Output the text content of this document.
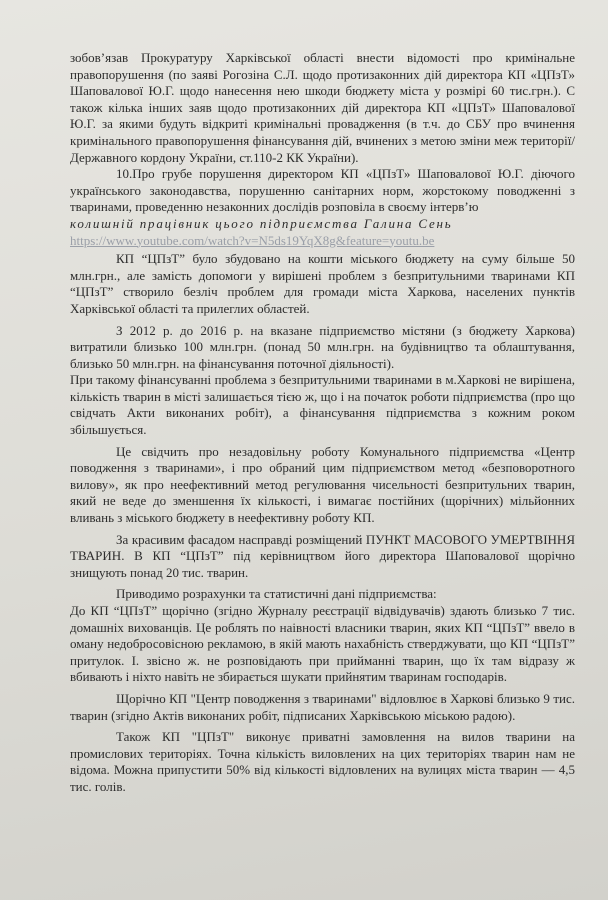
зобов’язав Прокуратуру Харківської області внести відомості про кримінальне правопорушення (по заяві Рогозіна С.Л. щодо протизаконних дій директора КП «ЦПзТ» Шаповалової Ю.Г. щодо нанесення нею шкоди бюджету міста у розмірі 60 тис.грн.). С також кілька інших заяв щодо протизаконних дій директора КП «ЦПзТ» Шаповалової Ю.Г. за якими будуть відкриті кримінальні провадження (в т.ч. до СБУ про вчинення кримінального правопорушення фінансування дій, вчинених з метою зміни меж території/Державного кордону України, ст.110-2 КК України).

10.Про грубе порушення директором КП «ЦПзТ» Шаповалової Ю.Г. діючого українського законодавства, порушенню санітарних норм, жорстокому поводженні з тваринами, проведенню незаконних дослідів розповіла в своєму інтерв’ю

колишній працівник цього підприємства Галина Сень

https://www.youtube.com/watch?v=N5ds19YqX8g&feature=youtu.be

КП “ЦПзТ” було збудовано на кошти міського бюджету на суму більше 50 млн.грн., але замість допомоги у вирішені проблем з безпритульними тваринами КП “ЦПзТ” створило безліч проблем для громади міста Харкова, населених пунктів Харківської області та прилеглих областей.

З 2012 р. до 2016 р. на вказане підприємство містяни (з бюджету Харкова) витратили близько 100 млн.грн. (понад 50 млн.грн. на будівництво та облаштування, близько 50 млн.грн. на фінансування поточної діяльності).

При такому фінансуванні проблема з безпритульними тваринами в м.Харкові не вирішена, кількість тварин в місті залишається тією ж, що і на початок роботи підприємства (про що свідчать Акти виконаних робіт), а фінансування підприємства з кожним роком збільшується.

Це свідчить про незадовільну роботу Комунального підприємства «Центр поводження з тваринами», і про обраний цим підприємством метод «безповоротного вилову», як про неефективний метод регулювання чисельності безпритульних тварин, який не веде до зменшення їх кількості, і вимагає постійних (щорічних) мільйонних вливань з міського бюджету в неефективну роботу КП.

За красивим фасадом насправді розміщений ПУНКТ МАСОВОГО УМЕРТВІННЯ ТВАРИН. В КП “ЦПзТ” під керівництвом його директора Шаповалової щорічно знищують понад 20 тис. тварин.

Приводимо розрахунки та статистичні дані підприємства:

До КП “ЦПзТ” щорічно (згідно Журналу реєстрації відвідувачів) здають близько 7 тис. домашніх вихованців. Це роблять по наівності власники тварин, яких КП “ЦПзТ” ввело в оману недобросовісною рекламою, в якій мають нахабність стверджувати, що КП “ЦПзТ” притулок. І. звісно ж. не розповідають при прийманні тварин, що їх там відразу ж вбивають і ніхто навіть не збирається шукати прийнятим тваринам господарів.

Щорічно КП "Центр поводження з тваринами" відловлює в Харкові близько 9 тис. тварин (згідно Актів виконаних робіт, підписаних Харківською міською радою).

Також КП "ЦПзТ" виконує приватні замовлення на вилов тварини на промислових територіях. Точна кількість виловлених на цих територіях тварин нам не відома. Можна припустити 50% від кількості відловлених на вулицях міста тварин — 4,5 тис. голів.
